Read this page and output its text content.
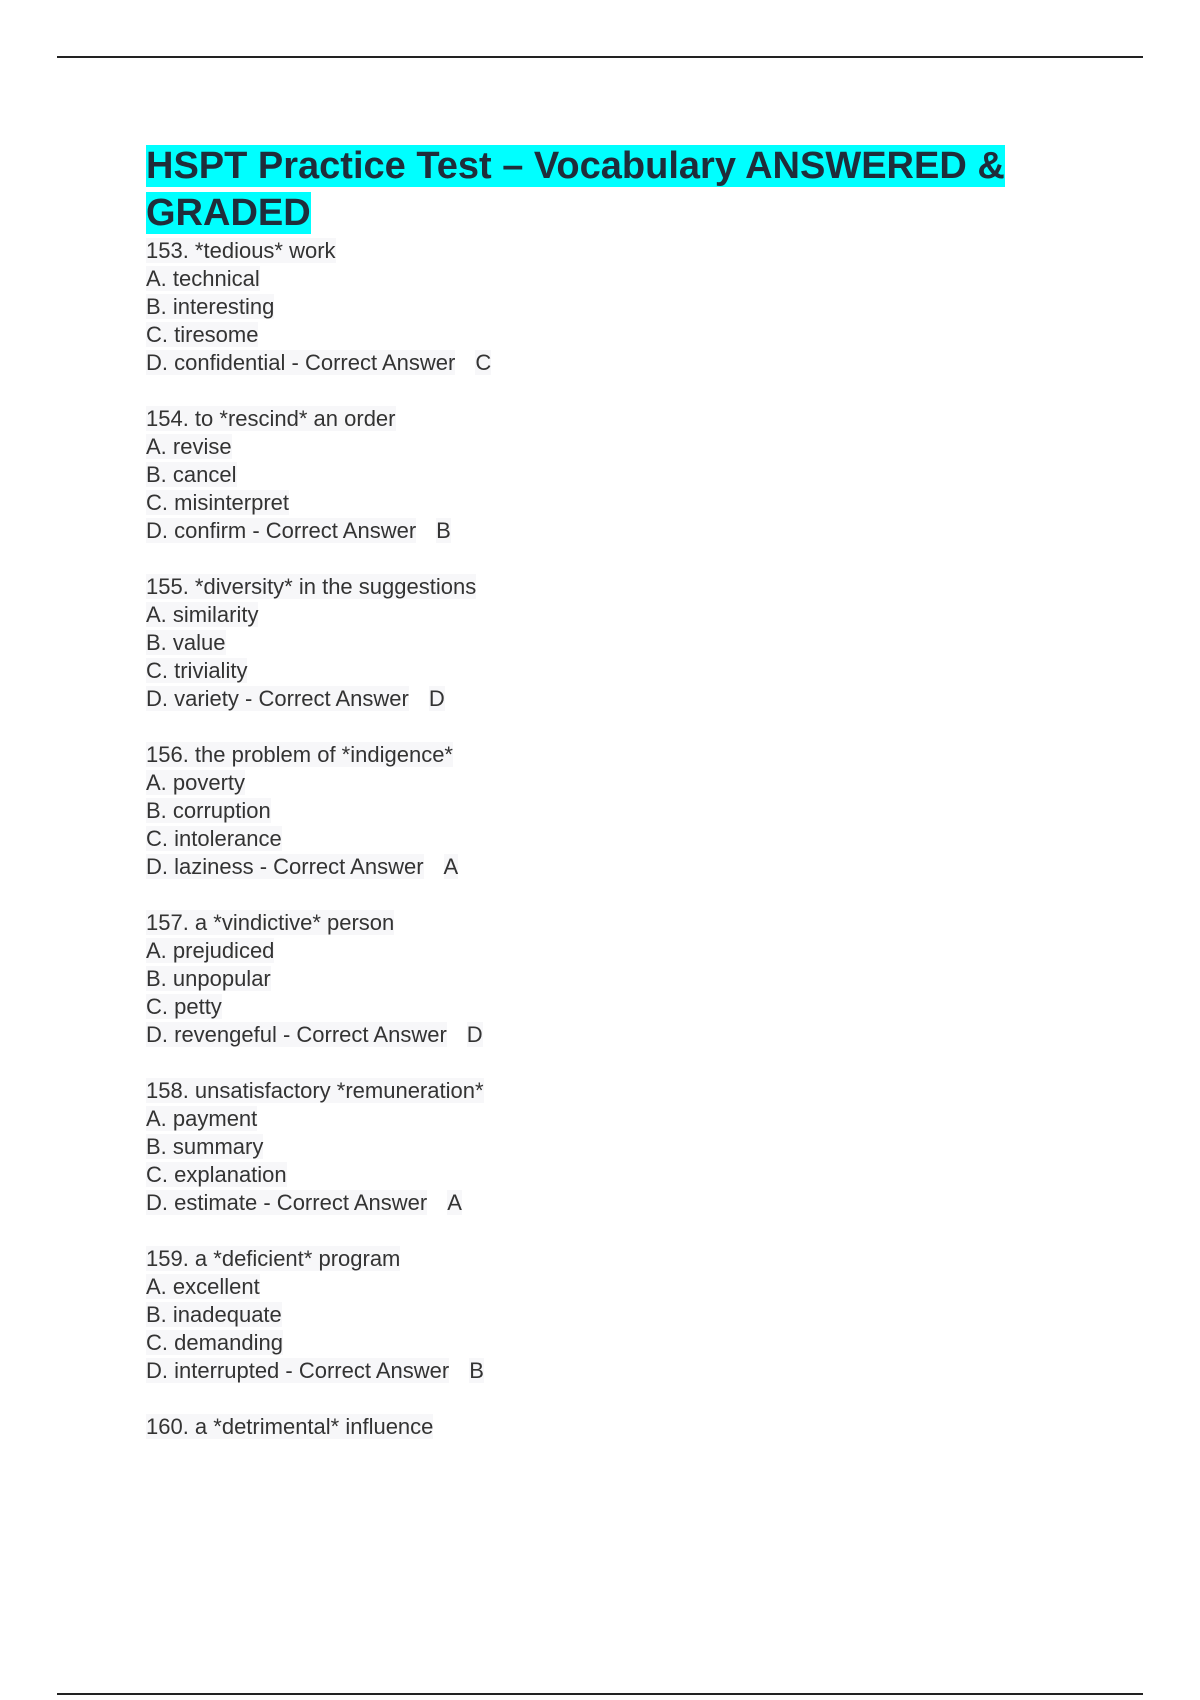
HSPT Practice Test – Vocabulary ANSWERED & GRADED
153. *tedious* work
A. technical
B. interesting
C. tiresome
D. confidential - Correct Answer C
154. to *rescind* an order
A. revise
B. cancel
C. misinterpret
D. confirm - Correct Answer B
155. *diversity* in the suggestions
A. similarity
B. value
C. triviality
D. variety - Correct Answer D
156. the problem of *indigence*
A. poverty
B. corruption
C. intolerance
D. laziness - Correct Answer A
157. a *vindictive* person
A. prejudiced
B. unpopular
C. petty
D. revengeful - Correct Answer D
158. unsatisfactory *remuneration*
A. payment
B. summary
C. explanation
D. estimate - Correct Answer A
159. a *deficient* program
A. excellent
B. inadequate
C. demanding
D. interrupted - Correct Answer B
160. a *detrimental* influence
